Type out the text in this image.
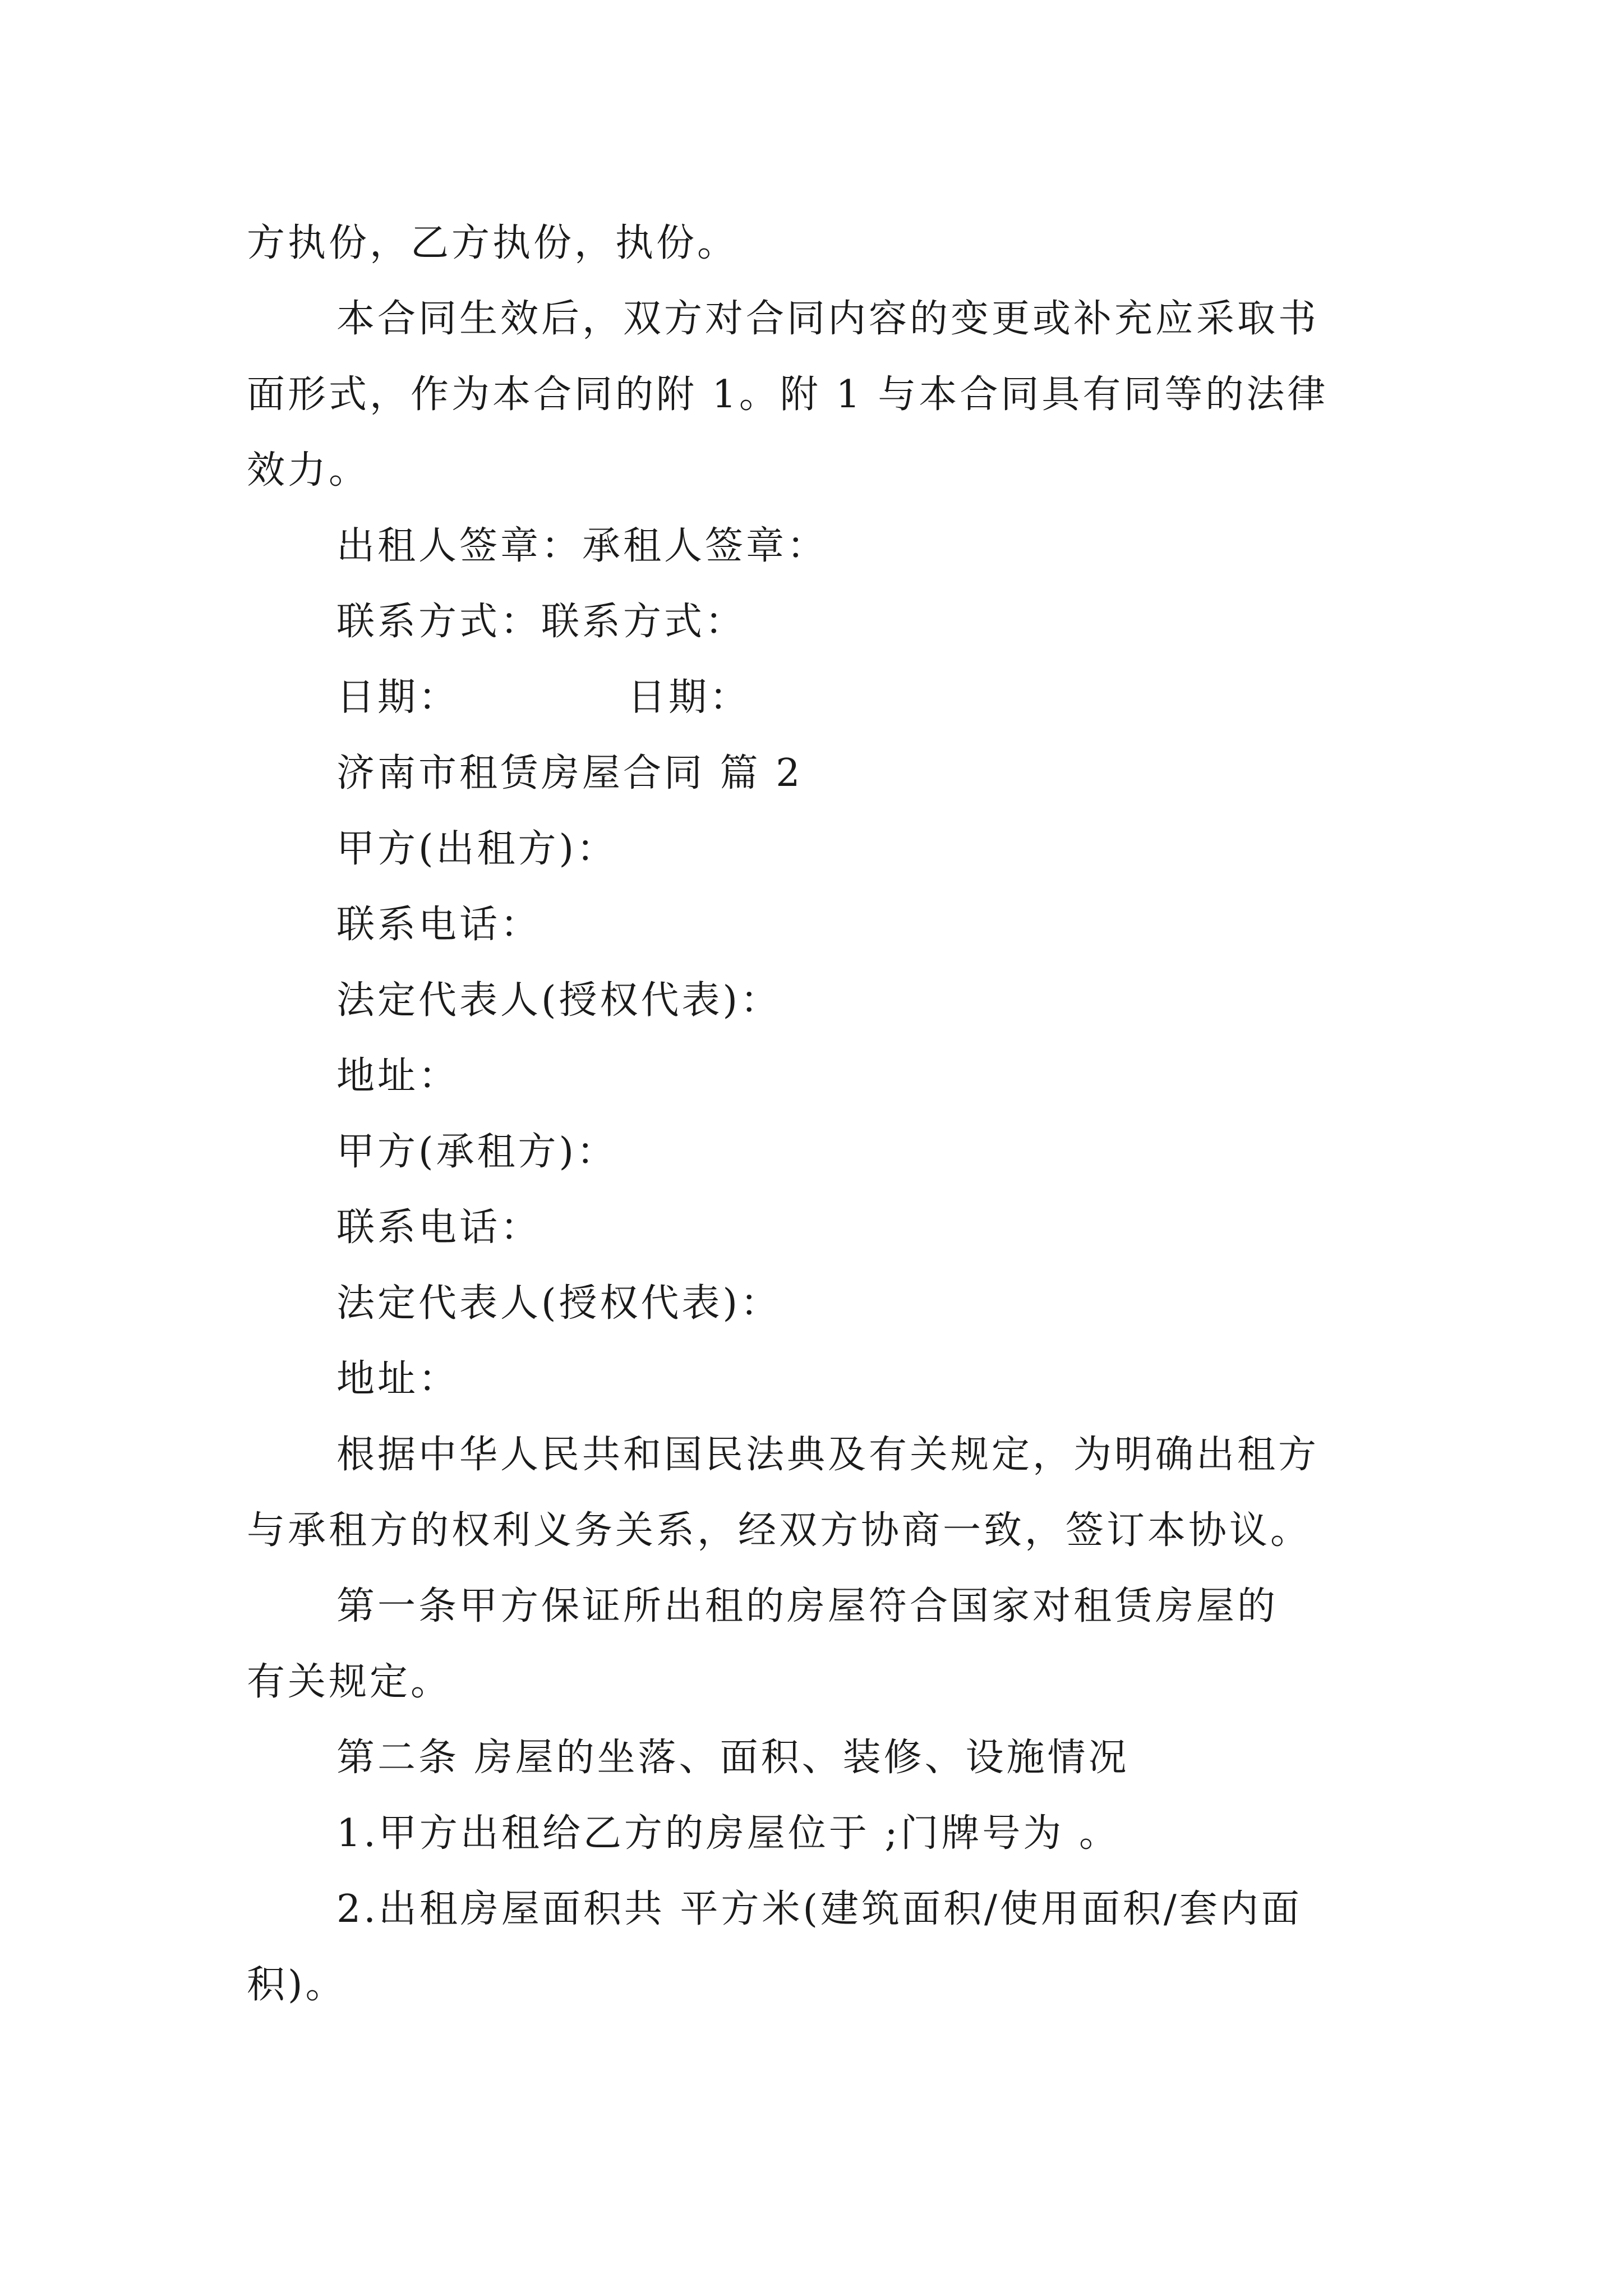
方执份，乙方执份，执份。
本合同生效后，双方对合同内容的变更或补充应采取书
面形式，作为本合同的附 1。附 1 与本合同具有同等的法律
效力。
出租人签章：承租人签章：
联系方式：联系方式：
日期：	日期：
济南市租赁房屋合同 篇 2
甲方(出租方)：
联系电话：
法定代表人(授权代表)：
地址：
甲方(承租方)：
联系电话：
法定代表人(授权代表)：
地址：
根据中华人民共和国民法典及有关规定，为明确出租方
与承租方的权利义务关系，经双方协商一致，签订本协议。
第一条甲方保证所出租的房屋符合国家对租赁房屋的
有关规定。
第二条 房屋的坐落、面积、装修、设施情况
1.甲方出租给乙方的房屋位于 ;门牌号为 。
2.出租房屋面积共 平方米(建筑面积/使用面积/套内面
积)。
